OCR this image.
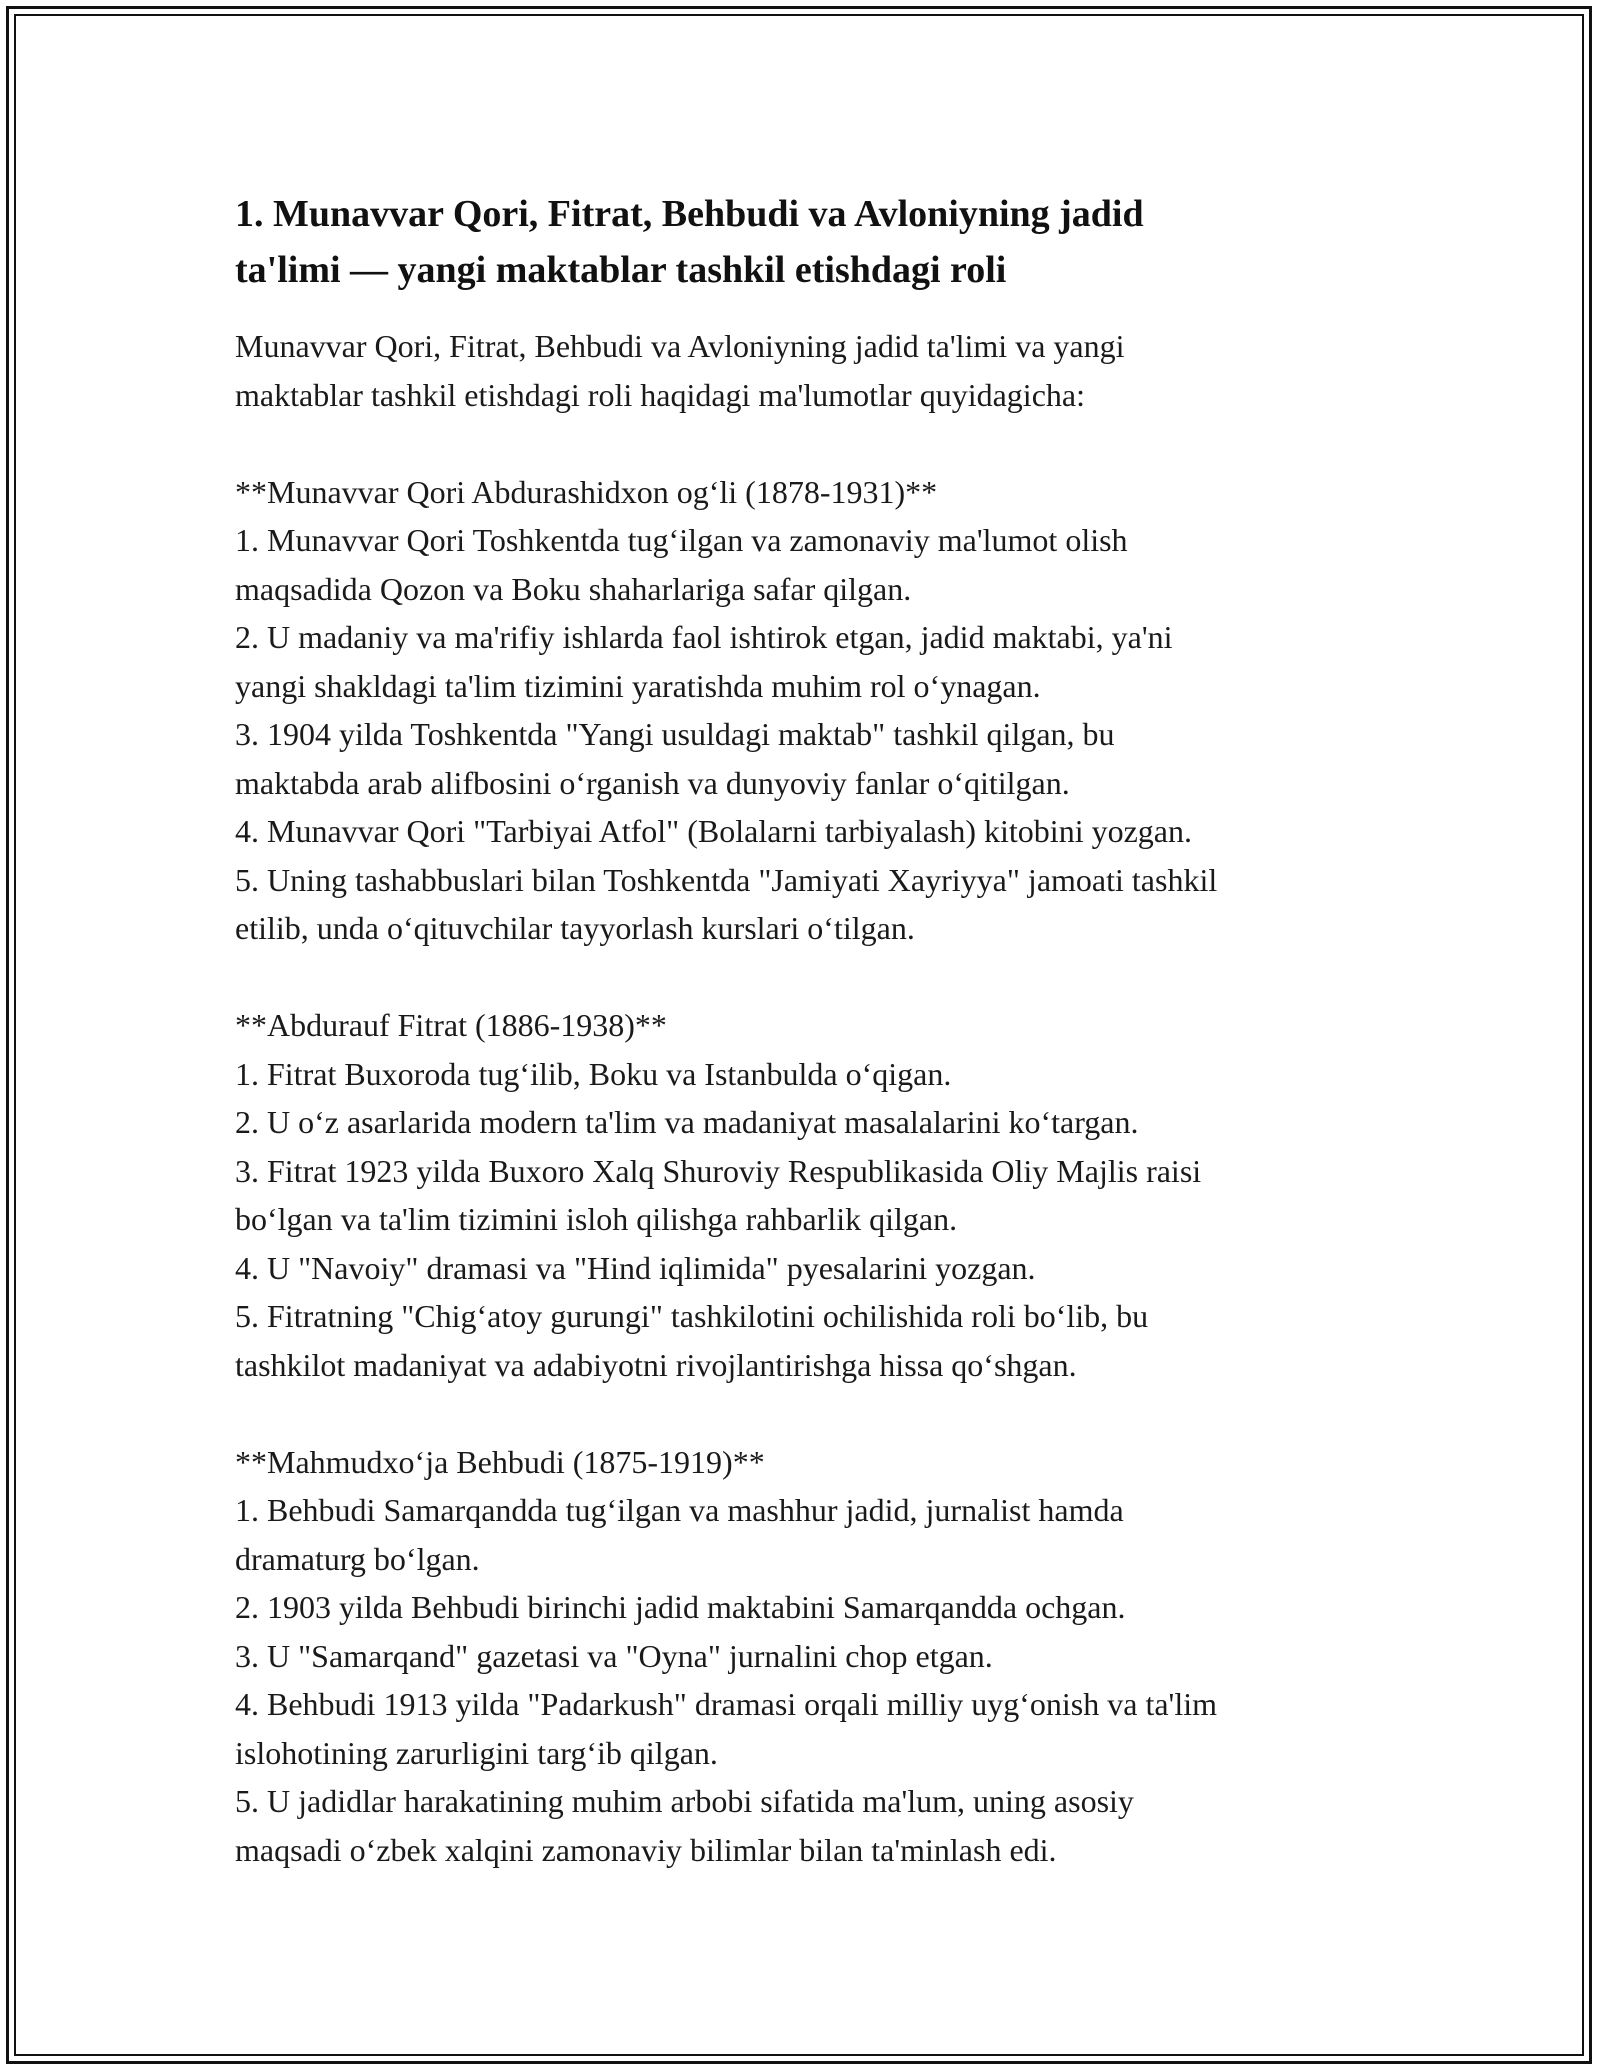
1. Munavvar Qori, Fitrat, Behbudi va Avloniyning jadid
ta'limi — yangi maktablar tashkil etishdagi roli
Munavvar Qori, Fitrat, Behbudi va Avloniyning jadid ta'limi va yangi
maktablar tashkil etishdagi roli haqidagi ma'lumotlar quyidagicha:
**Munavvar Qori Abdurashidxon og‘li (1878-1931)**
1. Munavvar Qori Toshkentda tug‘ilgan va zamonaviy ma'lumot olish
maqsadida Qozon va Boku shaharlariga safar qilgan.
2. U madaniy va ma'rifiy ishlarda faol ishtirok etgan, jadid maktabi, ya'ni
yangi shakldagi ta'lim tizimini yaratishda muhim rol o‘ynagan.
3. 1904 yilda Toshkentda "Yangi usuldagi maktab" tashkil qilgan, bu
maktabda arab alifbosini o‘rganish va dunyoviy fanlar o‘qitilgan.
4. Munavvar Qori "Tarbiyai Atfol" (Bolalarni tarbiyalash) kitobini yozgan.
5. Uning tashabbuslari bilan Toshkentda "Jamiyati Xayriyya" jamoati tashkil
etilib, unda o‘qituvchilar tayyorlash kurslari o‘tilgan.
**Abdurauf Fitrat (1886-1938)**
1. Fitrat Buxoroda tug‘ilib, Boku va Istanbulda o‘qigan.
2. U o‘z asarlarida modern ta'lim va madaniyat masalalarini ko‘targan.
3. Fitrat 1923 yilda Buxoro Xalq Shuroviy Respublikasida Oliy Majlis raisi
bo‘lgan va ta'lim tizimini isloh qilishga rahbarlik qilgan.
4. U "Navoiy" dramasi va "Hind iqlimida" pyesalarini yozgan.
5. Fitratning "Chig‘atoy gurungi" tashkilotini ochilishida roli bo‘lib, bu
tashkilot madaniyat va adabiyotni rivojlantirishga hissa qo‘shgan.
**Mahmudxo‘ja Behbudi (1875-1919)**
1. Behbudi Samarqandda tug‘ilgan va mashhur jadid, jurnalist hamda
dramaturg bo‘lgan.
2. 1903 yilda Behbudi birinchi jadid maktabini Samarqandda ochgan.
3. U "Samarqand" gazetasi va "Oyna" jurnalini chop etgan.
4. Behbudi 1913 yilda "Padarkush" dramasi orqali milliy uyg‘onish va ta'lim
islohotining zarurligini targ‘ib qilgan.
5. U jadidlar harakatining muhim arbobi sifatida ma'lum, uning asosiy
maqsadi o‘zbek xalqini zamonaviy bilimlar bilan ta'minlash edi.
